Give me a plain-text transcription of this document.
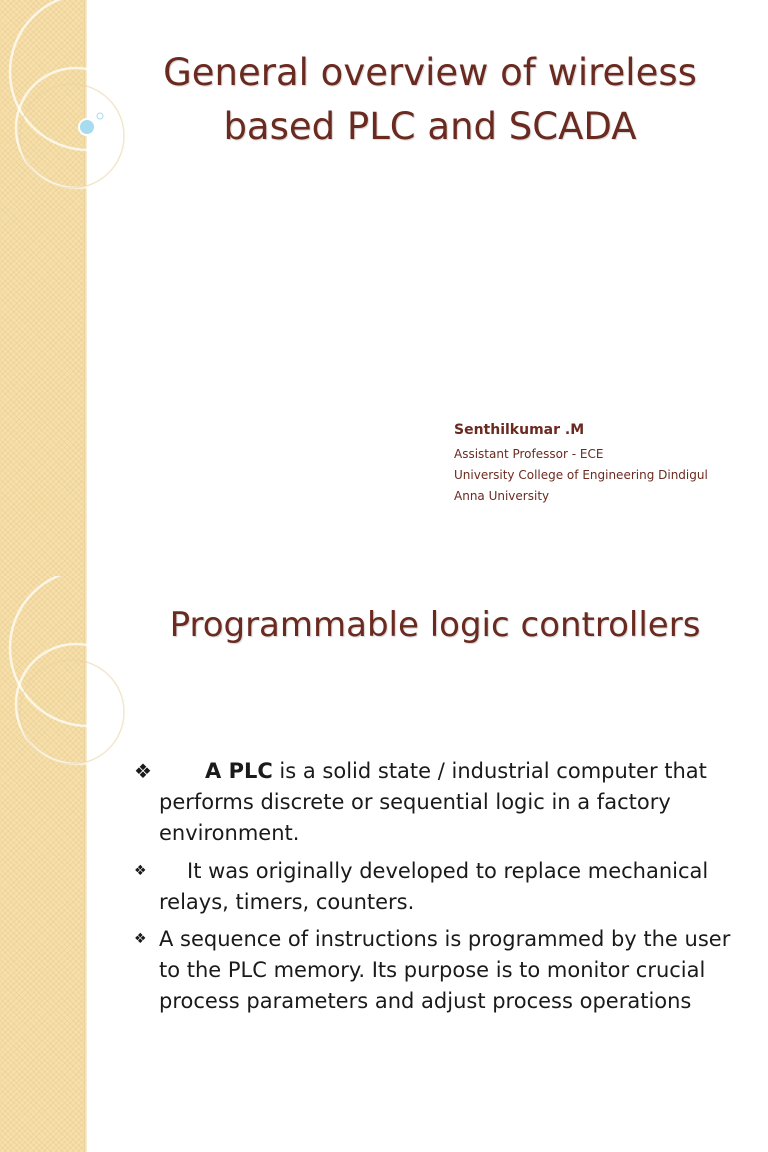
General overview of wireless
based PLC and SCADA
Senthilkumar .M
Assistant Professor - ECE
University College of Engineering Dindigul
Anna University
Programmable logic controllers
❖	A PLC is a solid state / industrial computer that performs discrete or sequential logic in a factory environment.
❖ It was originally developed to replace mechanical relays, timers, counters.
❖ A sequence of instructions is programmed by the user to the PLC memory. Its purpose is to monitor crucial process parameters and adjust process operations
